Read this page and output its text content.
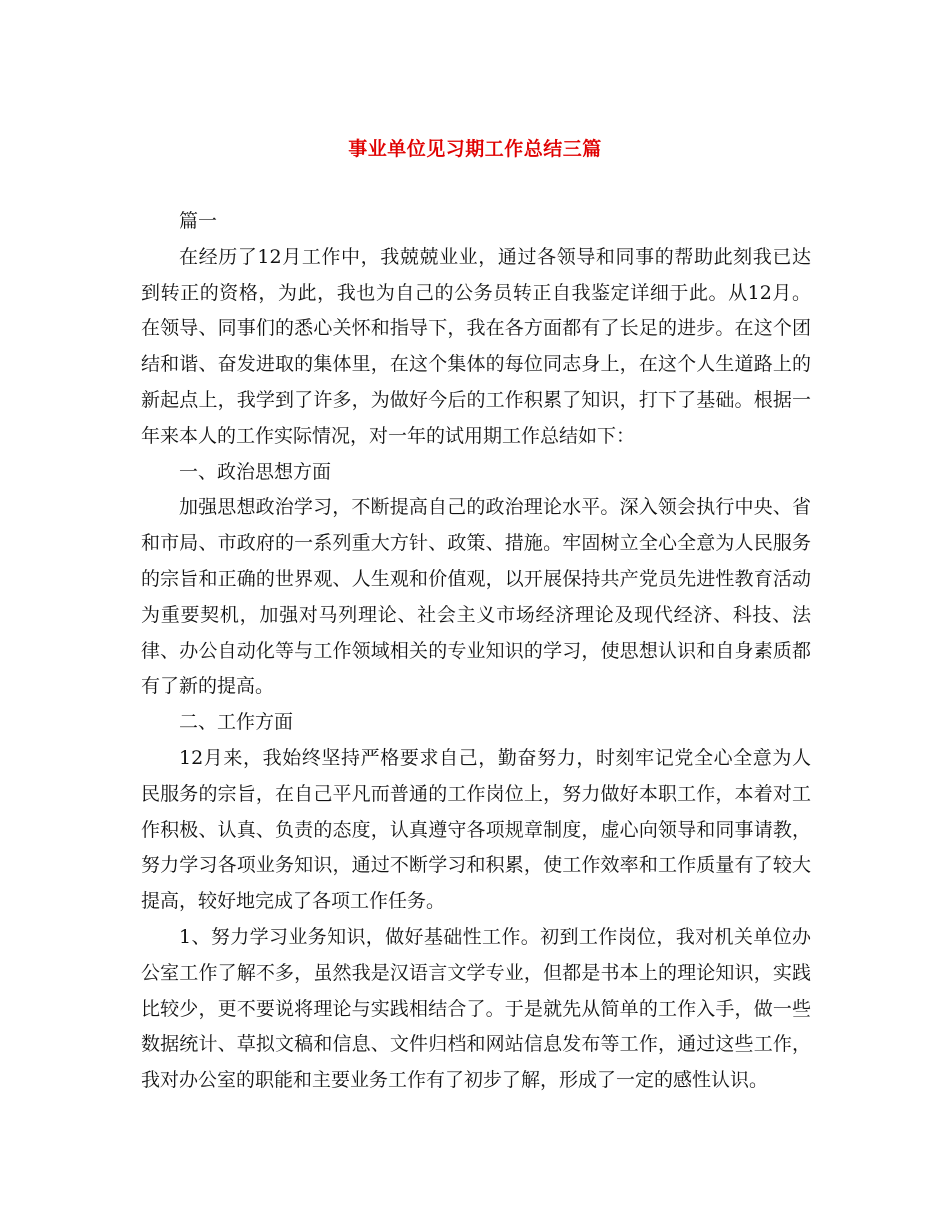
事业单位见习期工作总结三篇

篇一

在经历了12月工作中，我兢兢业业，通过各领导和同事的帮助此刻我已达到转正的资格，为此，我也为自己的公务员转正自我鉴定详细于此。从12月。在领导、同事们的悉心关怀和指导下，我在各方面都有了长足的进步。在这个团结和谐、奋发进取的集体里，在这个集体的每位同志身上，在这个人生道路上的新起点上，我学到了许多，为做好今后的工作积累了知识，打下了基础。根据一年来本人的工作实际情况，对一年的试用期工作总结如下：

一、政治思想方面

加强思想政治学习，不断提高自己的政治理论水平。深入领会执行中央、省和市局、市政府的一系列重大方针、政策、措施。牢固树立全心全意为人民服务的宗旨和正确的世界观、人生观和价值观，以开展保持共产党员先进性教育活动为重要契机，加强对马列理论、社会主义市场经济理论及现代经济、科技、法律、办公自动化等与工作领域相关的专业知识的学习，使思想认识和自身素质都有了新的提高。

二、工作方面

12月来，我始终坚持严格要求自己，勤奋努力，时刻牢记党全心全意为人民服务的宗旨，在自己平凡而普通的工作岗位上，努力做好本职工作，本着对工作积极、认真、负责的态度，认真遵守各项规章制度，虚心向领导和同事请教，努力学习各项业务知识，通过不断学习和积累，使工作效率和工作质量有了较大提高，较好地完成了各项工作任务。

1、努力学习业务知识，做好基础性工作。初到工作岗位，我对机关单位办公室工作了解不多，虽然我是汉语言文学专业，但都是书本上的理论知识，实践比较少，更不要说将理论与实践相结合了。于是就先从简单的工作入手，做一些数据统计、草拟文稿和信息、文件归档和网站信息发布等工作，通过这些工作，我对办公室的职能和主要业务工作有了初步了解，形成了一定的感性认识。
